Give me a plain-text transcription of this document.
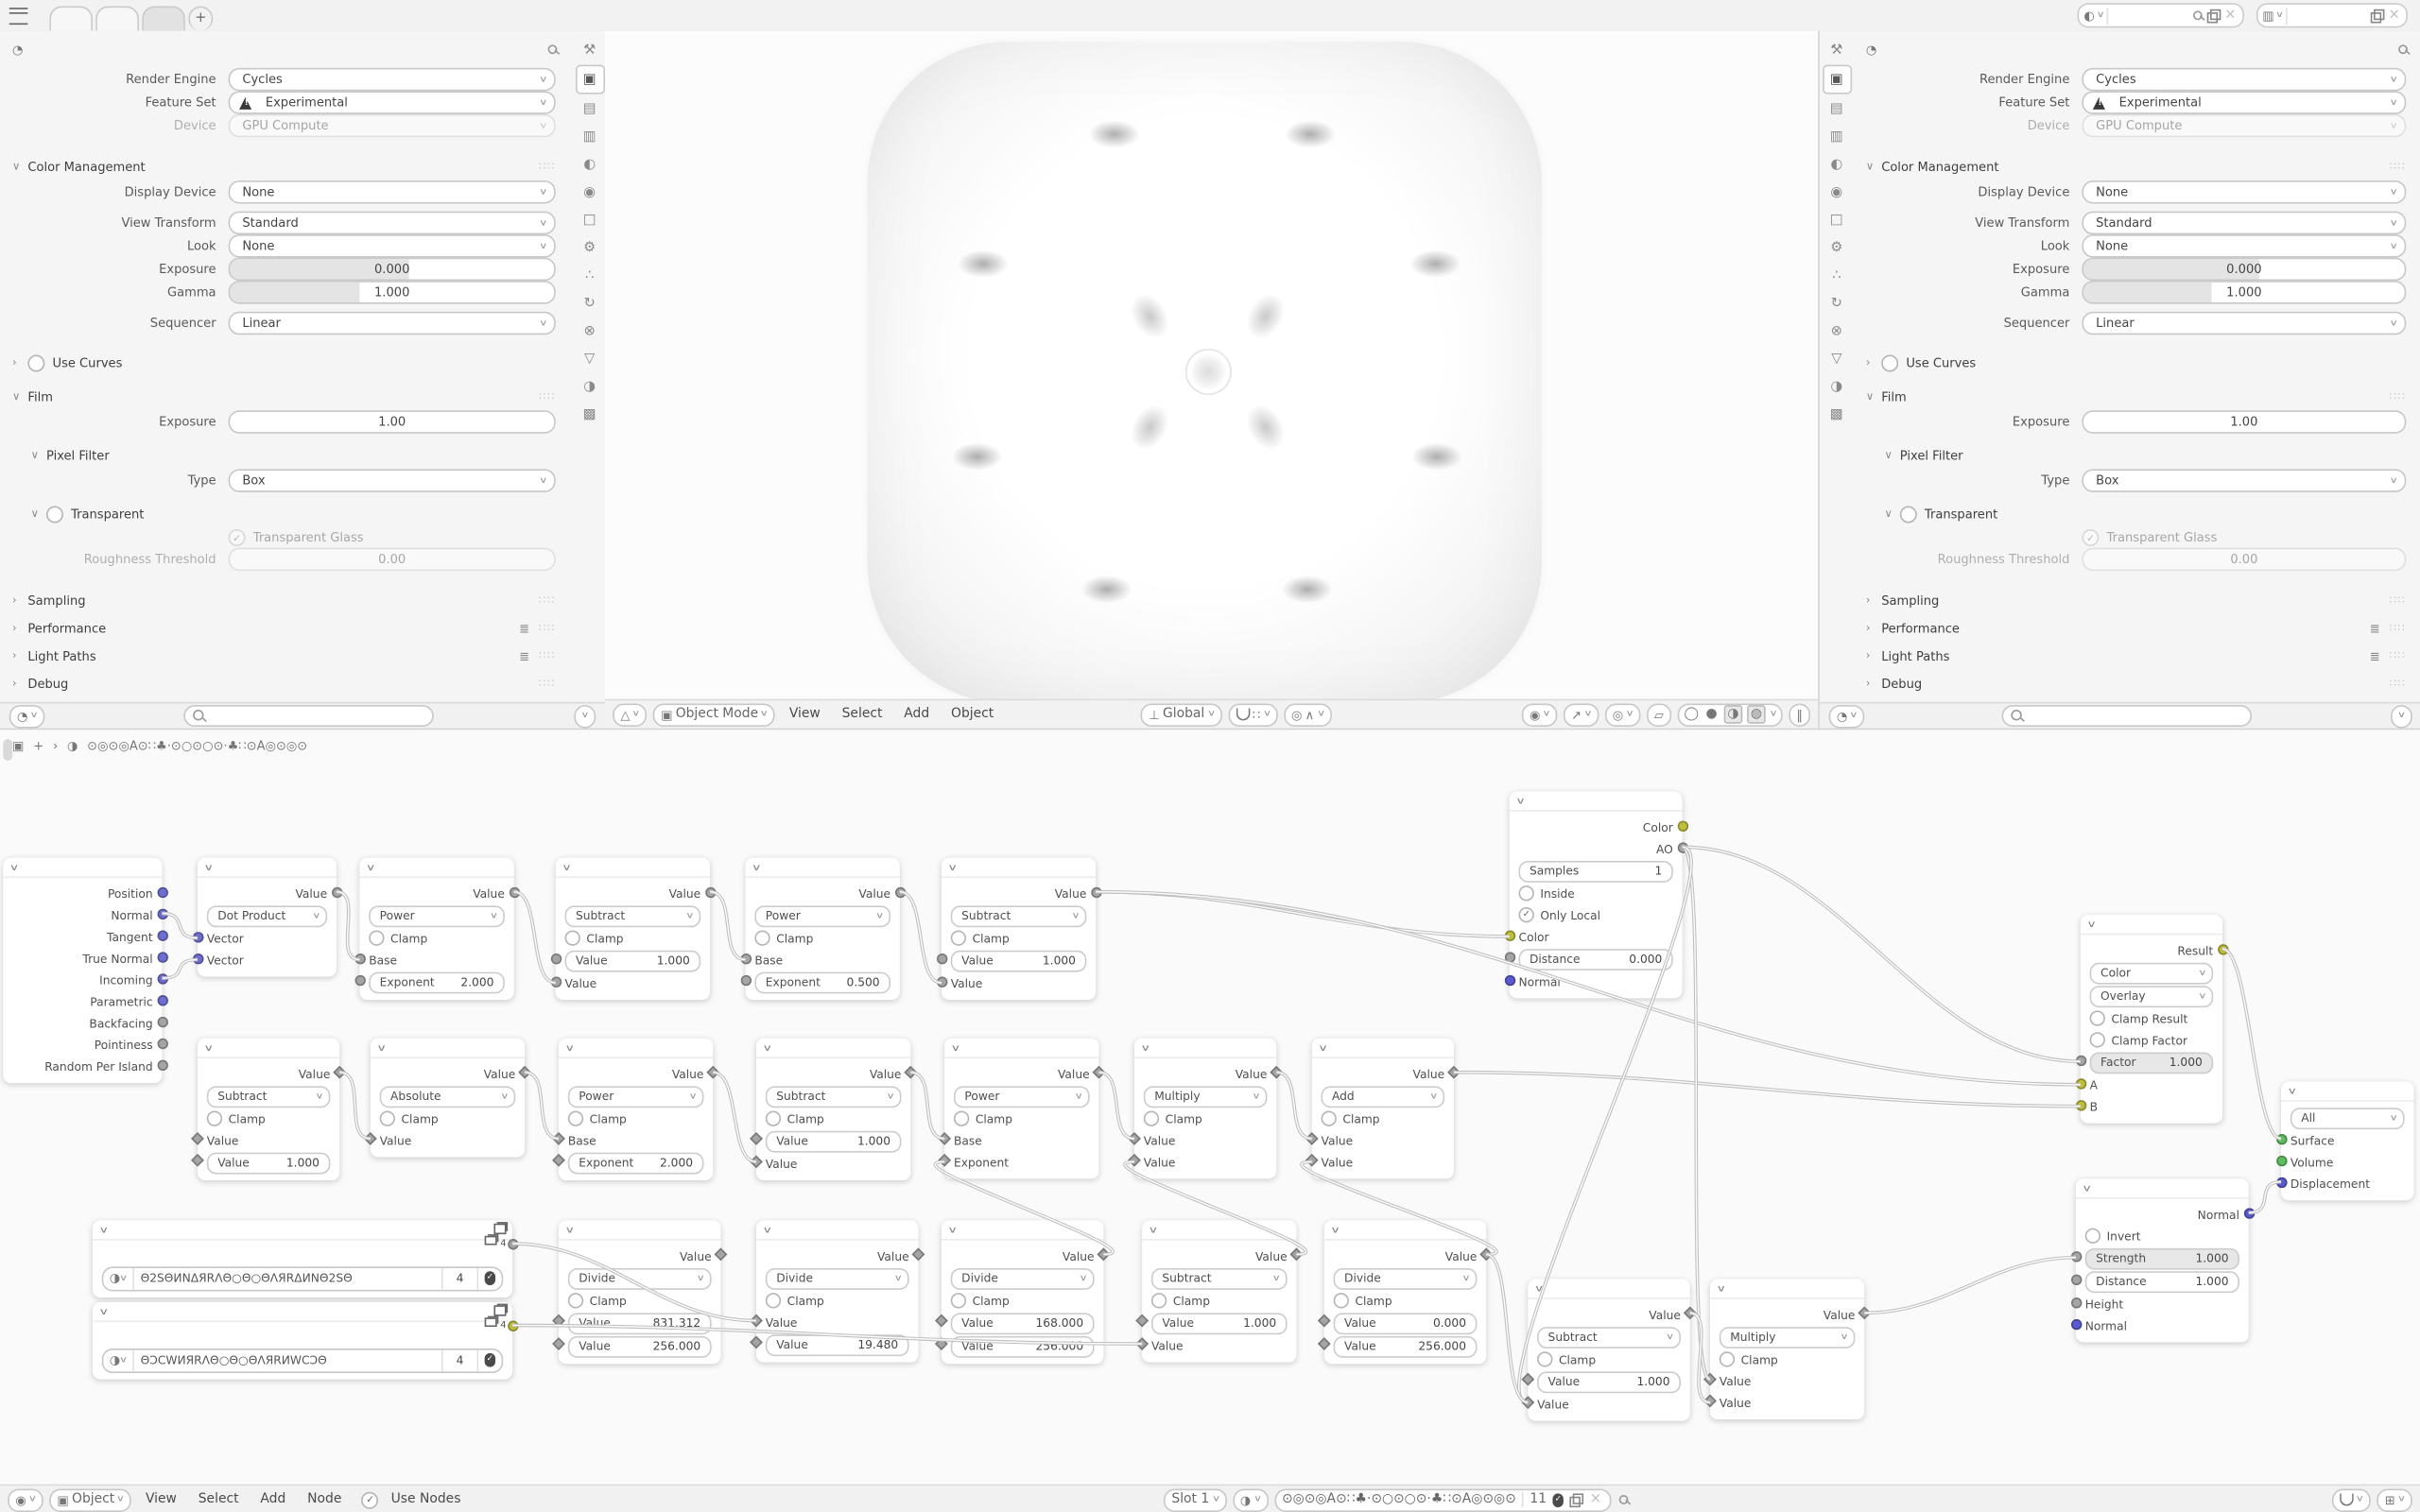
+	◐ ∨	×	▥ ∨	×
◔
Render Engine	Cycles	∨
Feature Set !	Experimental	∨
Device	GPU Compute	∨
∨ Color Management	∷∷
Display Device	None	∨
View Transform	Standard	∨
Look	None	∨
Exposure	0.000
Gamma	1.000
Sequencer	Linear	∨
›	Use Curves
∨ Film	∷∷
Exposure	1.00
∨ Pixel Filter
Type	Box	∨
∨	Transparent
✓	Transparent Glass
Roughness Threshold	0.00
›	Sampling	∷∷
›	Performance	≣ ∷∷
›	Light Paths	≣ ∷∷
›	Debug	∷∷
◔ ∨	∨
⚒
▣
▤
▥
◐
◉
□
⚙
∴
↻
⊗
▽
◑
▩
△ ∨	▣ Object Mode ∨	View	Select	Add	Object	⊥ Global ∨	∷ ∨	◎ ∧ ∨	◉ ∨	↗ ∨	◎ ∨	▱	◯ ●	◑	◍	∨ ‖
◔
Render Engine	Cycles	∨
Feature Set !	Experimental	∨
Device	GPU Compute	∨
∨ Color Management	∷∷
Display Device	None	∨
View Transform	Standard	∨
Look	None	∨
Exposure	0.000
Gamma	1.000
Sequencer	Linear	∨
›	Use Curves
∨ Film	∷∷
Exposure	1.00
∨ Pixel Filter
Type	Box	∨
∨	Transparent
✓	Transparent Glass
Roughness Threshold	0.00
›	Sampling	∷∷
›	Performance	≣ ∷∷
›	Light Paths	≣ ∷∷
›	Debug	∷∷
◔ ∨	∨
⚒
▣
▤
▥
◐
◉
□
⚙
∴
↻
⊗
▽
◑
▩
▣ + › ◑ ⊙◎⊙◎A⊙∷♣·⊙○⊙○⊙·♣∷⊙A◎⊙◎⊙
∨
Position
Normal
Tangent
True Normal
Incoming
Parametric
Backfacing
Pointiness
Random Per Island
∨
Value
Dot Product	∨
Vector
Vector
∨
Value
Power	∨
Clamp
Base
Exponent	2.000
∨
Value
Subtract	∨
Clamp
Value	1.000
Value
∨
Value
Power	∨
Clamp
Base
Exponent	0.500
∨
Value
Subtract	∨
Clamp
Value	1.000
Value
∨
Color
AO
Samples	1
Inside
✓	Only Local
Color
Distance	0.000
Normal
∨
Value
Subtract	∨
Clamp
Value
Value	1.000
∨
Value
Absolute	∨
Clamp
Value
∨
Value
Power	∨
Clamp
Base
Exponent	2.000
∨
Value
Subtract	∨
Clamp
Value	1.000
Value
∨
Value
Power	∨
Clamp
Base
Exponent
∨
Value
Multiply	∨
Clamp
Value
Value
∨
Value
Add	∨
Clamp
Value
Value
∨
Result
Color	∨
Overlay	∨
Clamp Result
Clamp Factor
Factor	1.000
A
B
∨
All	∨
Surface
Volume
Displacement
∨
4
◑
∨	Θ2SΘИNΔЯRΛΘ○Θ○ΘΛЯRΔИNΘ2SΘ	4	✓
∨
4
◑
∨	ΘƆCWИЯRΛΘ○Θ○ΘΛЯRИWCƆΘ	4	✓
∨
Value
Divide	∨
Clamp
Value	831.312
Value	256.000
∨
Value
Divide	∨
Clamp
Value
Value	19.480
∨
Value
Divide	∨
Clamp
Value	168.000
Value	256.000
∨
Value
Subtract	∨
Clamp
Value	1.000
Value
∨
Value
Divide	∨
Clamp
Value	0.000
Value	256.000
∨
Value
Subtract	∨
Clamp
Value	1.000
Value
∨
Value
Multiply	∨
Clamp
Value
Value
∨
Normal
Invert
Strength	1.000
Distance	1.000
Height
Normal
◉ ∨	▣ Object ∨	View	Select	Add	Node	✓	Use Nodes	Slot 1 ∨	◑ ∨	⊙◎⊙◎A⊙∷♣·⊙○⊙○⊙·♣∷⊙A◎⊙◎⊙	11	✓	×	∨	⊞ ∨
